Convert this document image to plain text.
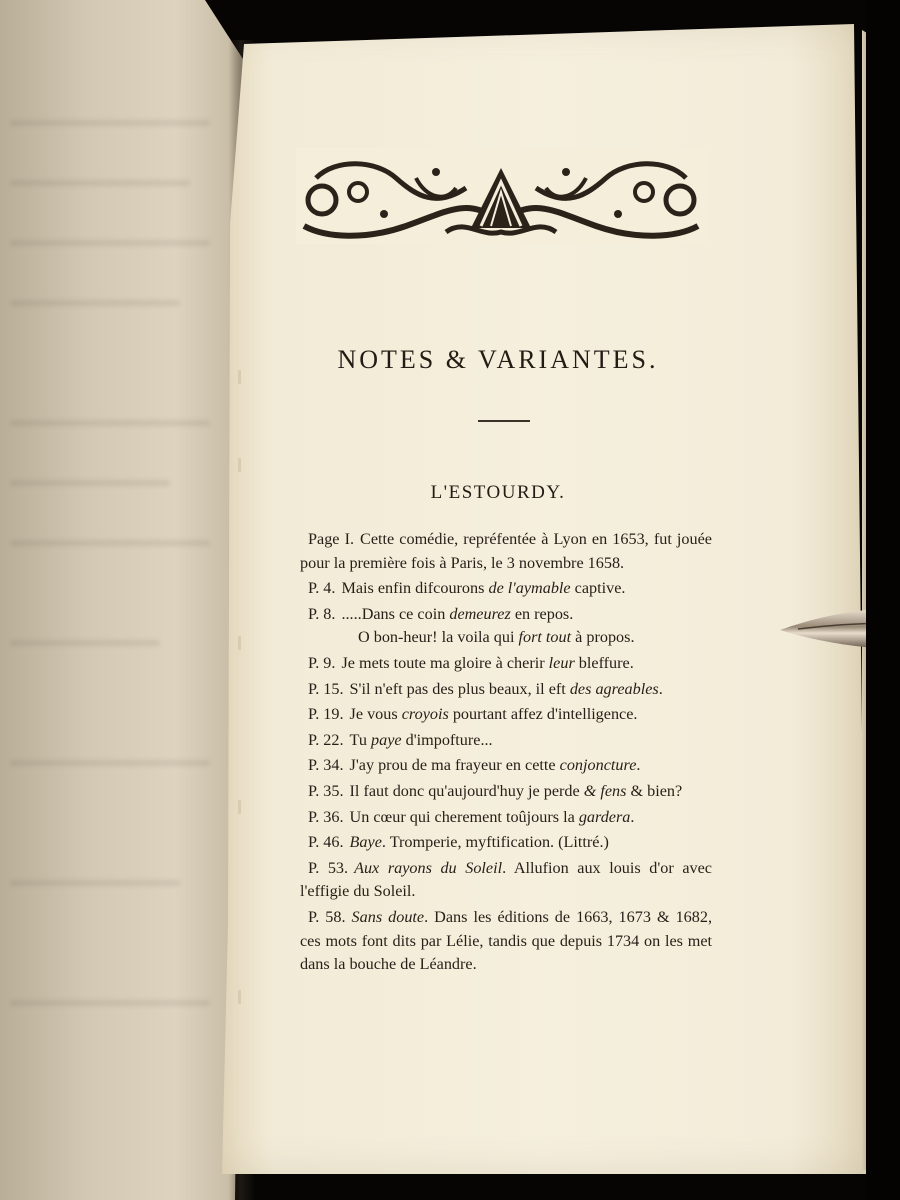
NOTES & VARIANTES.
L'ESTOURDY.
Page I. Cette comédie, repréfentée à Lyon en 1653, fut jouée pour la première fois à Paris, le 3 novembre 1658.
P. 4. Mais enfin difcourons de l'aymable captive.
P. 8. .....Dans ce coin demeurez en repos.
O bon-heur! la voila qui fort tout à propos.
P. 9. Je mets toute ma gloire à cherir leur bleffure.
P. 15. S'il n'eft pas des plus beaux, il eft des agreables.
P. 19. Je vous croyois pourtant affez d'intelligence.
P. 22. Tu paye d'impofture...
P. 34. J'ay prou de ma frayeur en cette conjoncture.
P. 35. Il faut donc qu'aujourd'huy je perde & fens & bien?
P. 36. Un cœur qui cherement toûjours la gardera.
P. 46. Baye. Tromperie, myftification. (Littré.)
P. 53. Aux rayons du Soleil. Allufion aux louis d'or avec l'effigie du Soleil.
P. 58. Sans doute. Dans les éditions de 1663, 1673 & 1682, ces mots font dits par Lélie, tandis que depuis 1734 on les met dans la bouche de Léandre.
